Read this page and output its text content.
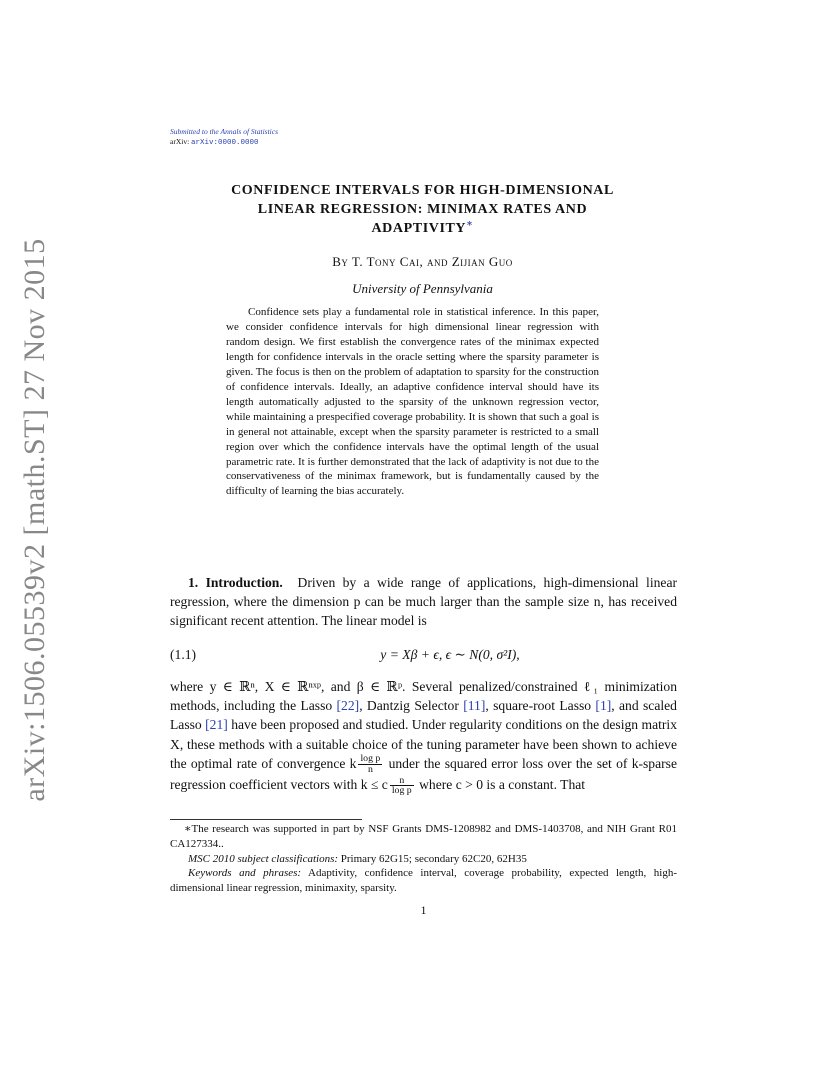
arXiv:1506.05539v2 [math.ST] 27 Nov 2015
Submitted to the Annals of Statistics
arXiv: arXiv:0000.0000
CONFIDENCE INTERVALS FOR HIGH-DIMENSIONAL
LINEAR REGRESSION: MINIMAX RATES AND
ADAPTIVITY∗
By T. Tony Cai, and Zijian Guo
University of Pennsylvania
Confidence sets play a fundamental role in statistical inference. In this paper, we consider confidence intervals for high dimensional linear regression with random design. We first establish the convergence rates of the minimax expected length for confidence intervals in the oracle setting where the sparsity parameter is given. The focus is then on the problem of adaptation to sparsity for the construction of confidence intervals. Ideally, an adaptive confidence interval should have its length automatically adjusted to the sparsity of the unknown regression vector, while maintaining a prespecified coverage probability. It is shown that such a goal is in general not attainable, except when the sparsity parameter is restricted to a small region over which the confidence intervals have the optimal length of the usual parametric rate. It is further demonstrated that the lack of adaptivity is not due to the conservativeness of the minimax framework, but is fundamentally caused by the difficulty of learning the bias accurately.
1. Introduction. Driven by a wide range of applications, high-dimensional linear regression, where the dimension p can be much larger than the sample size n, has received significant recent attention. The linear model is
(1.1)	y = Xβ + ϵ, ϵ ∼ N(0, σ²I),
where y ∈ ℝⁿ, X ∈ ℝⁿˣᵖ, and β ∈ ℝᵖ. Several penalized/constrained ℓ₁ minimization methods, including the Lasso [22], Dantzig Selector [11], square-root Lasso [1], and scaled Lasso [21] have been proposed and studied. Under regularity conditions on the design matrix X, these methods with a suitable choice of the tuning parameter have been shown to achieve the optimal rate of convergence k $\frac{\text{log p}}{n}$ under the squared error loss over the set of k-sparse regression coefficient vectors with k ≤ c $\frac{n}{\text{log p}}$ where c > 0 is a constant. That
∗The research was supported in part by NSF Grants DMS-1208982 and DMS-1403708, and NIH Grant R01 CA127334..
MSC 2010 subject classifications: Primary 62G15; secondary 62C20, 62H35
Keywords and phrases: Adaptivity, confidence interval, coverage probability, expected length, high-dimensional linear regression, minimaxity, sparsity.
1
